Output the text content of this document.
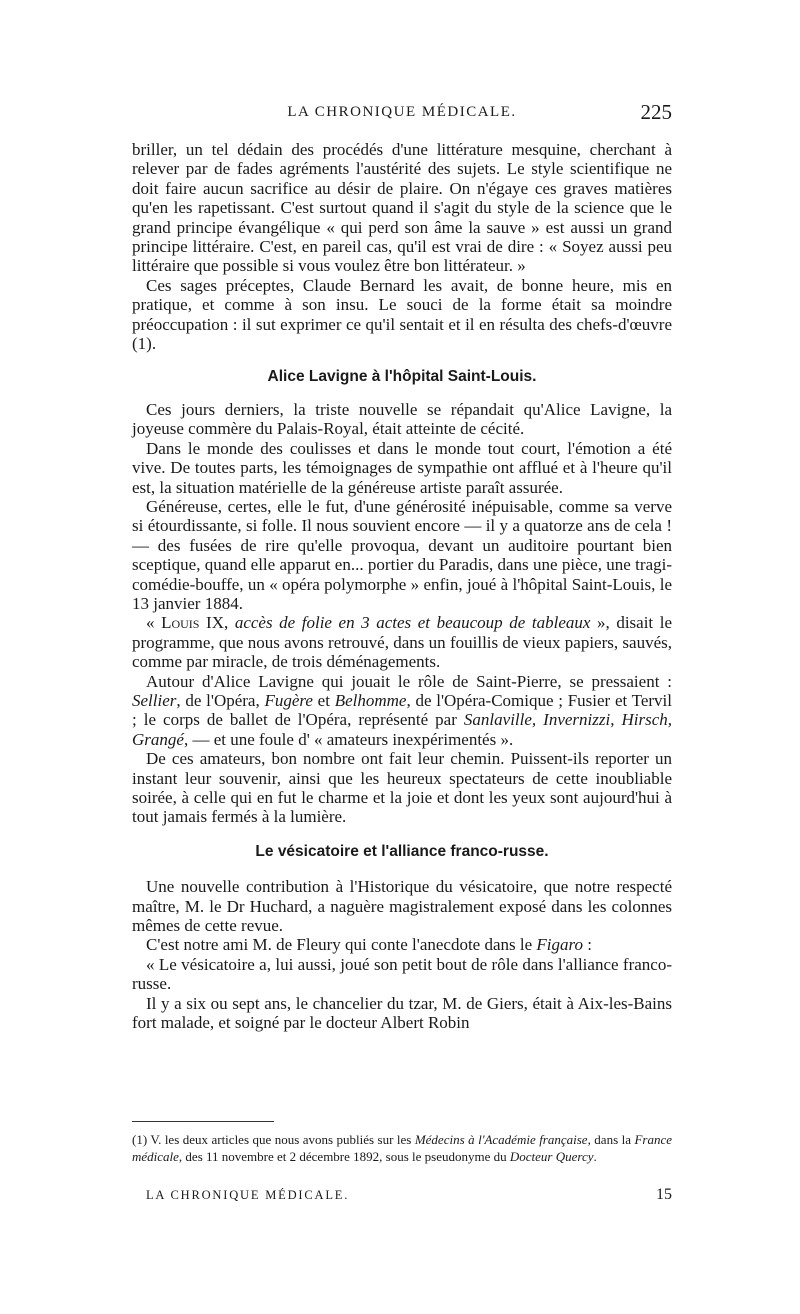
LA CHRONIQUE MÉDICALE.	225

briller, un tel dédain des procédés d'une littérature mesquine, cherchant à relever par de fades agréments l'austérité des sujets. Le style scientifique ne doit faire aucun sacrifice au désir de plaire. On n'égaye ces graves matières qu'en les rapetissant. C'est surtout quand il s'agit du style de la science que le grand principe évangélique « qui perd son âme la sauve » est aussi un grand principe littéraire. C'est, en pareil cas, qu'il est vrai de dire : « Soyez aussi peu littéraire que possible si vous voulez être bon littérateur. »

Ces sages préceptes, Claude Bernard les avait, de bonne heure, mis en pratique, et comme à son insu. Le souci de la forme était sa moindre préoccupation : il sut exprimer ce qu'il sentait et il en résulta des chefs-d'œuvre (1).

Alice Lavigne à l'hôpital Saint-Louis.

Ces jours derniers, la triste nouvelle se répandait qu'Alice Lavigne, la joyeuse commère du Palais-Royal, était atteinte de cécité.

Dans le monde des coulisses et dans le monde tout court, l'émotion a été vive. De toutes parts, les témoignages de sympathie ont afflué et à l'heure qu'il est, la situation matérielle de la généreuse artiste paraît assurée.

Généreuse, certes, elle le fut, d'une générosité inépuisable, comme sa verve si étourdissante, si folle. Il nous souvient encore — il y a quatorze ans de cela ! — des fusées de rire qu'elle provoqua, devant un auditoire pourtant bien sceptique, quand elle apparut en... portier du Paradis, dans une pièce, une tragi-comédie-bouffe, un « opéra polymorphe » enfin, joué à l'hôpital Saint-Louis, le 13 janvier 1884.

« Louis IX, accès de folie en 3 actes et beaucoup de tableaux », disait le programme, que nous avons retrouvé, dans un fouillis de vieux papiers, sauvés, comme par miracle, de trois déménagements.

Autour d'Alice Lavigne qui jouait le rôle de Saint-Pierre, se pressaient : Sellier, de l'Opéra, Fugère et Belhomme, de l'Opéra-Comique ; Fusier et Tervil ; le corps de ballet de l'Opéra, représenté par Sanlaville, Invernizzi, Hirsch, Grangé, — et une foule d' « amateurs inexpérimentés ».

De ces amateurs, bon nombre ont fait leur chemin. Puissent-ils reporter un instant leur souvenir, ainsi que les heureux spectateurs de cette inoubliable soirée, à celle qui en fut le charme et la joie et dont les yeux sont aujourd'hui à tout jamais fermés à la lumière.

Le vésicatoire et l'alliance franco-russe.

Une nouvelle contribution à l'Historique du vésicatoire, que notre respecté maître, M. le Dr Huchard, a naguère magistralement exposé dans les colonnes mêmes de cette revue.

C'est notre ami M. de Fleury qui conte l'anecdote dans le Figaro :

« Le vésicatoire a, lui aussi, joué son petit bout de rôle dans l'alliance franco-russe.

Il y a six ou sept ans, le chancelier du tzar, M. de Giers, était à Aix-les-Bains fort malade, et soigné par le docteur Albert Robin

(1) V. les deux articles que nous avons publiés sur les Médecins à l'Académie française, dans la France médicale, des 11 novembre et 2 décembre 1892, sous le pseudonyme du Docteur Quercy.
LA CHRONIQUE MÉDICALE.	15
